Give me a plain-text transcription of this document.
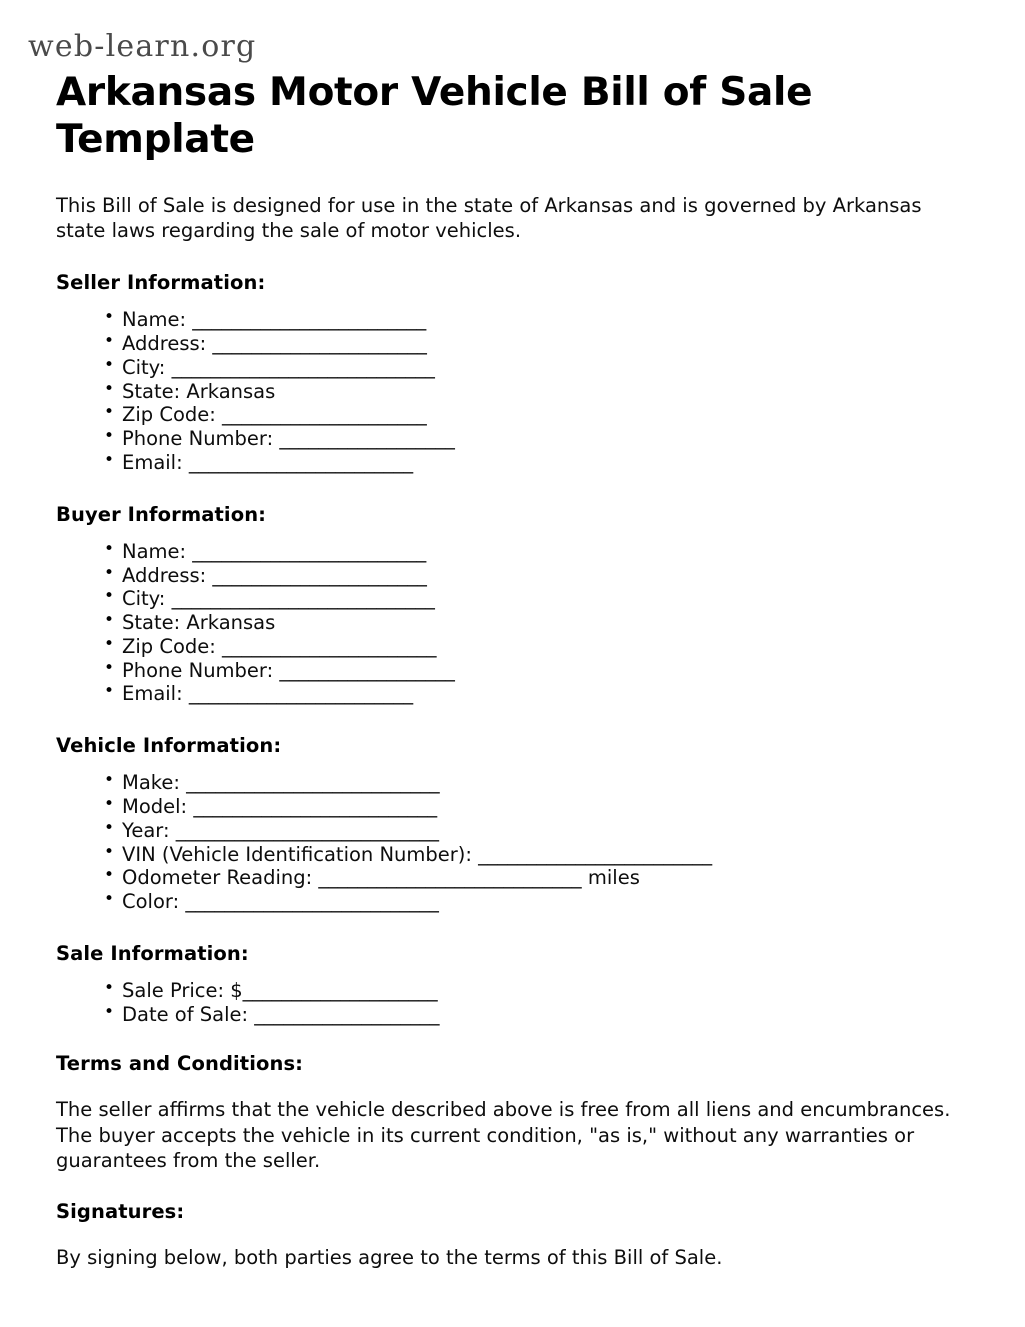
web-learn.org
Arkansas Motor Vehicle Bill of Sale Template

This Bill of Sale is designed for use in the state of Arkansas and is governed by Arkansas state laws regarding the sale of motor vehicles.

Seller Information:
• Name: ________________________
• Address: ______________________
• City: ___________________________
• State: Arkansas
• Zip Code: _____________________
• Phone Number: __________________
• Email: _______________________
Buyer Information:
• Name: ________________________
• Address: ______________________
• City: ___________________________
• State: Arkansas
• Zip Code: ______________________
• Phone Number: __________________
• Email: _______________________
Vehicle Information:
• Make: __________________________
• Model: _________________________
• Year: ___________________________
• VIN (Vehicle Identification Number): ________________________
• Odometer Reading: ___________________________ miles
• Color: __________________________
Sale Information:
• Sale Price: $____________________
• Date of Sale: ___________________
Terms and Conditions:

The seller affirms that the vehicle described above is free from all liens and encumbrances. The buyer accepts the vehicle in its current condition, "as is," without any warranties or guarantees from the seller.

Signatures:

By signing below, both parties agree to the terms of this Bill of Sale.
